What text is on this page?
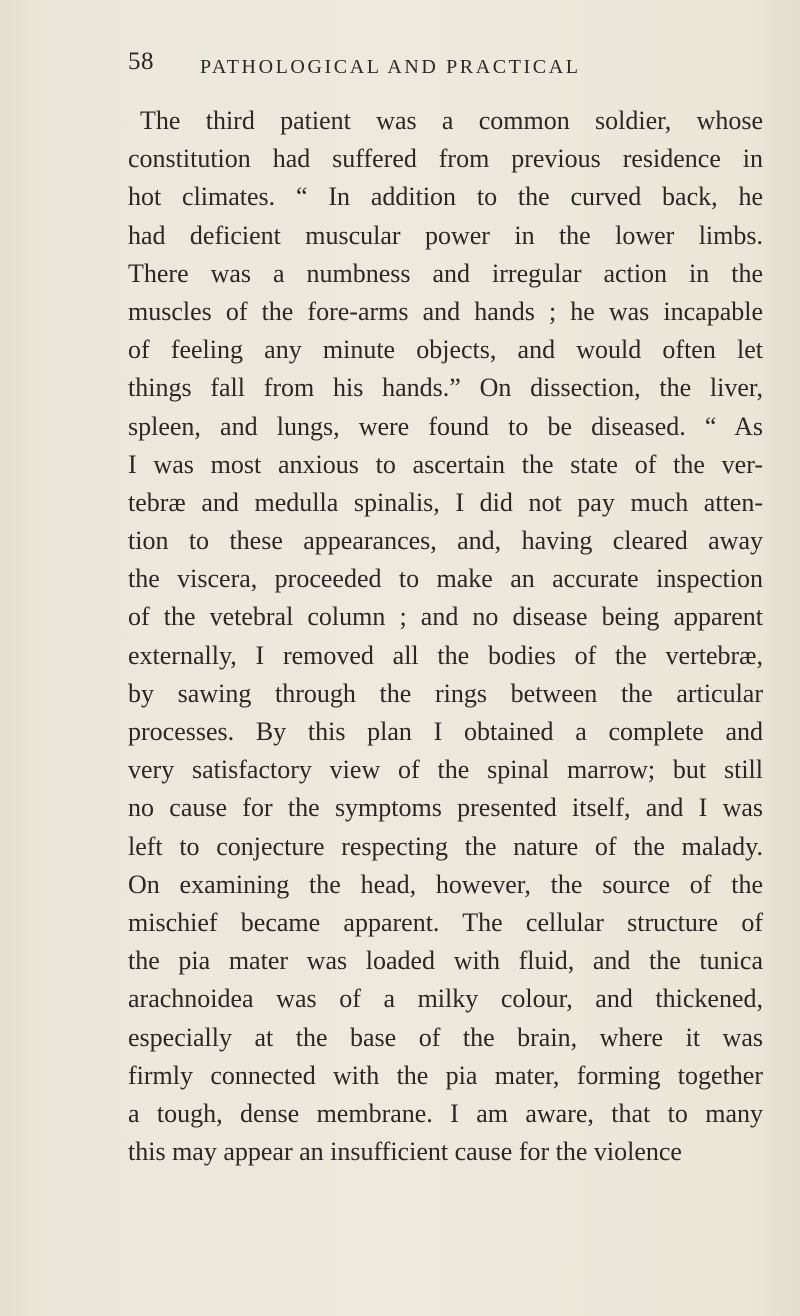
58 PATHOLOGICAL AND PRACTICAL
The third patient was a common soldier, whose
constitution had suffered from previous residence in
hot climates. “ In addition to the curved back, he
had deficient muscular power in the lower limbs.
There was a numbness and irregular action in the
muscles of the fore-arms and hands ; he was incapable
of feeling any minute objects, and would often let
things fall from his hands.” On dissection, the liver,
spleen, and lungs, were found to be diseased. “ As
I was most anxious to ascertain the state of the ver-
tebræ and medulla spinalis, I did not pay much atten-
tion to these appearances, and, having cleared away
the viscera, proceeded to make an accurate inspection
of the vetebral column ; and no disease being apparent
externally, I removed all the bodies of the vertebræ,
by sawing through the rings between the articular
processes. By this plan I obtained a complete and
very satisfactory view of the spinal marrow; but still
no cause for the symptoms presented itself, and I was
left to conjecture respecting the nature of the malady.
On examining the head, however, the source of the
mischief became apparent. The cellular structure of
the pia mater was loaded with fluid, and the tunica
arachnoidea was of a milky colour, and thickened,
especially at the base of the brain, where it was
firmly connected with the pia mater, forming together
a tough, dense membrane. I am aware, that to many
this may appear an insufficient cause for the violence
